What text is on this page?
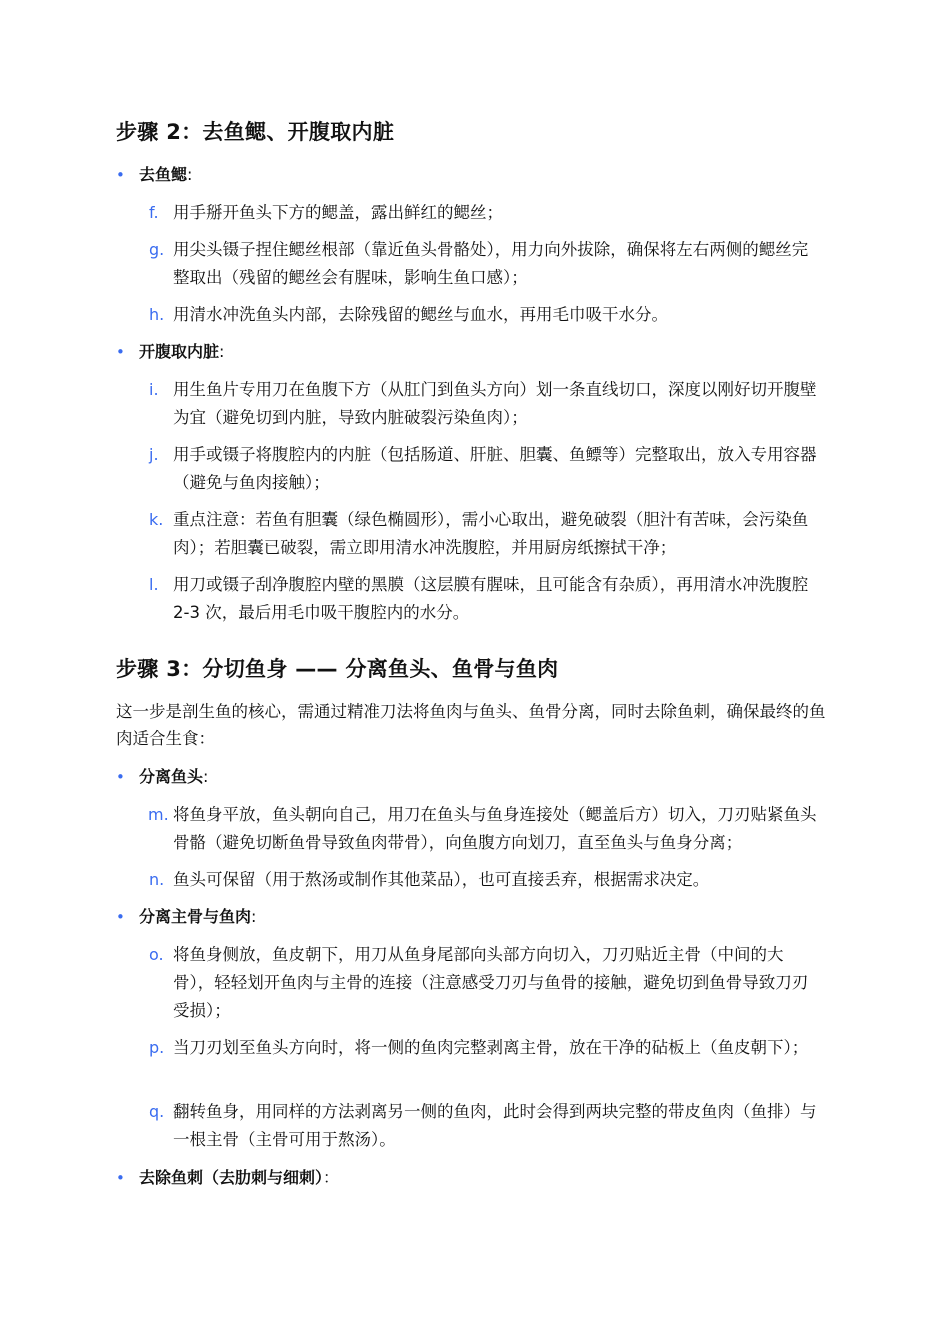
步骤 2：去鱼鳃、开腹取内脏

• 去鱼鳃:

f. 用手掰开鱼头下方的鳃盖，露出鲜红的鳃丝；

g. 用尖头镊子捏住鳃丝根部（靠近鱼头骨骼处），用力向外拔除，确保将左右两侧的鳃丝完整取出（残留的鳃丝会有腥味，影响生鱼口感）；

h. 用清水冲洗鱼头内部，去除残留的鳃丝与血水，再用毛巾吸干水分。

• 开腹取内脏:

i. 用生鱼片专用刀在鱼腹下方（从肛门到鱼头方向）划一条直线切口，深度以刚好切开腹壁为宜（避免切到内脏，导致内脏破裂污染鱼肉）；

j. 用手或镊子将腹腔内的内脏（包括肠道、肝脏、胆囊、鱼鳔等）完整取出，放入专用容器（避免与鱼肉接触）；

k. 重点注意：若鱼有胆囊（绿色椭圆形），需小心取出，避免破裂（胆汁有苦味，会污染鱼肉）；若胆囊已破裂，需立即用清水冲洗腹腔，并用厨房纸擦拭干净；

l. 用刀或镊子刮净腹腔内壁的黑膜（这层膜有腥味，且可能含有杂质），再用清水冲洗腹腔 2-3 次，最后用毛巾吸干腹腔内的水分。

步骤 3：分切鱼身 —— 分离鱼头、鱼骨与鱼肉

这一步是剖生鱼的核心，需通过精准刀法将鱼肉与鱼头、鱼骨分离，同时去除鱼刺，确保最终的鱼肉适合生食：

• 分离鱼头:

m. 将鱼身平放，鱼头朝向自己，用刀在鱼头与鱼身连接处（鳃盖后方）切入，刀刃贴紧鱼头骨骼（避免切断鱼骨导致鱼肉带骨），向鱼腹方向划刀，直至鱼头与鱼身分离；

n. 鱼头可保留（用于熬汤或制作其他菜品），也可直接丢弃，根据需求决定。

• 分离主骨与鱼肉:

o. 将鱼身侧放，鱼皮朝下，用刀从鱼身尾部向头部方向切入，刀刃贴近主骨（中间的大骨），轻轻划开鱼肉与主骨的连接（注意感受刀刃与鱼骨的接触，避免切到鱼骨导致刀刃受损）；

p. 当刀刃划至鱼头方向时，将一侧的鱼肉完整剥离主骨，放在干净的砧板上（鱼皮朝下）；

q. 翻转鱼身，用同样的方法剥离另一侧的鱼肉，此时会得到两块完整的带皮鱼肉（鱼排）与一根主骨（主骨可用于熬汤）。

• 去除鱼刺（去肋刺与细刺）：
